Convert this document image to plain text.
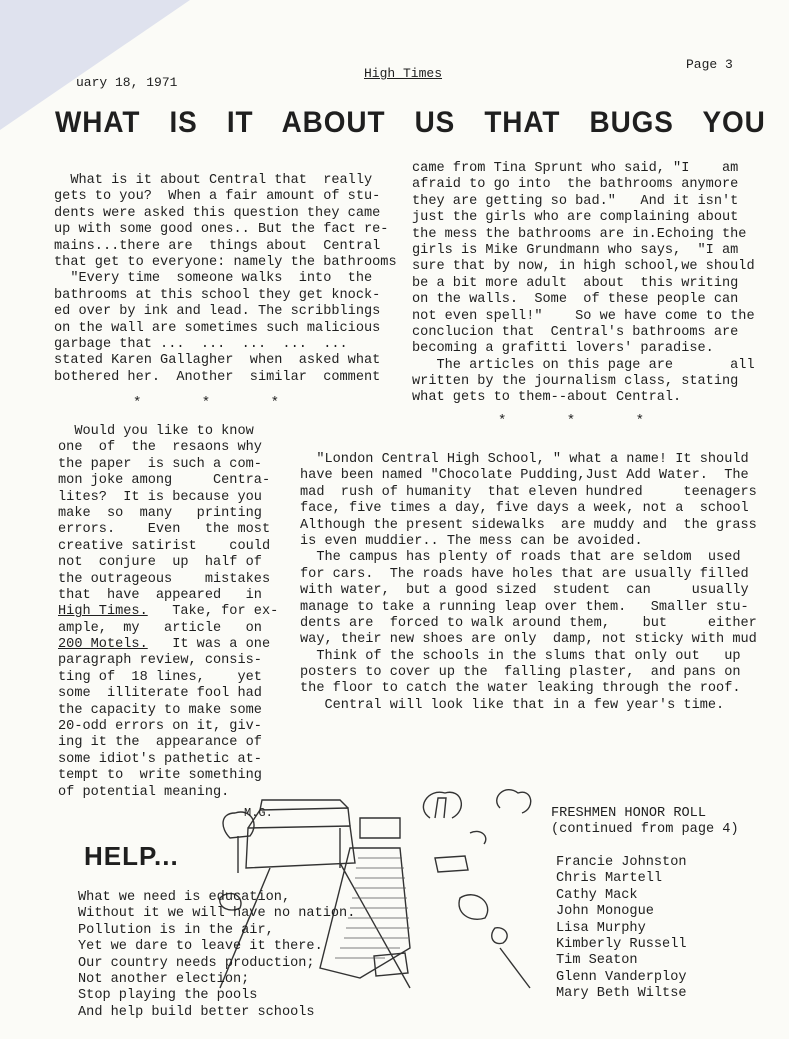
uary 18, 1971
High Times
Page 3
WHAT IS IT ABOUT US THAT BUGS YOU
What is it about Central that  really
gets to you?  When a fair amount of stu-
dents were asked this question they came
up with some good ones.. But the fact re-
mains...there are  things about  Central
that get to everyone: namely the bathrooms
"Every time  someone walks  into  the
bathrooms at this school they get knock-
ed over by ink and lead. The scribblings
on the wall are sometimes such malicious
garbage that ...  ...  ...  ...  ...
stated Karen Gallagher  when  asked what
bothered her.  Another  similar  comment
came from Tina Sprunt who said, "I    am
afraid to go into  the bathrooms anymore
they are getting so bad."   And it isn't
just the girls who are complaining about
the mess the bathrooms are in.Echoing the
girls is Mike Grundmann who says,  "I am
sure that by now, in high school,we should
be a bit more adult  about  this writing
on the walls.  Some  of these people can
not even spell!"    So we have come to the
conclucion that  Central's bathrooms are
becoming a grafitti lovers' paradise.
The articles on this page are       all
written by the journalism class, stating
what gets to them--about Central.
* * *
* * *
Would you like to know
one  of  the  resaons why
the paper  is such a com-
mon joke among     Centra-
lites?  It is because you
make  so  many   printing
errors.    Even   the most
creative satirist    could
not  conjure  up  half of
the outrageous    mistakes
that  have  appeared   in
High Times.   Take, for ex-
ample,  my   article   on
200 Motels.   It was a one
paragraph review, consis-
ting of  18 lines,    yet
some  illiterate fool had
the capacity to make some
20-odd errors on it, giv-
ing it the  appearance of
some idiot's pathetic at-
tempt to  write something
of potential meaning.
"London Central High School, " what a name! It should
have been named "Chocolate Pudding,Just Add Water.  The
mad  rush of humanity  that eleven hundred     teenagers
face, five times a day, five days a week, not a  school
Although the present sidewalks  are muddy and  the grass
is even muddier.. The mess can be avoided.
The campus has plenty of roads that are seldom  used
for cars.  The roads have holes that are usually filled
with water,  but a good sized  student  can     usually
manage to take a running leap over them.   Smaller stu-
dents are  forced to walk around them,    but     either
way, their new shoes are only  damp, not sticky with mud
Think of the schools in the slums that only out   up
posters to cover up the  falling plaster,  and pans on
the floor to catch the water leaking through the roof.
Central will look like that in a few year's time.
M.G.
HELP...
What we need is education,
Without it we will have no nation.
Pollution is in the air,
Yet we dare to leave it there.
Our country needs production;
Not another election;
Stop playing the pools
And help build better schools
FRESHMEN HONOR ROLL
(continued from page 4)
Francie Johnston
Chris Martell
Cathy Mack
John Monogue
Lisa Murphy
Kimberly Russell
Tim Seaton
Glenn Vanderploy
Mary Beth Wiltse
